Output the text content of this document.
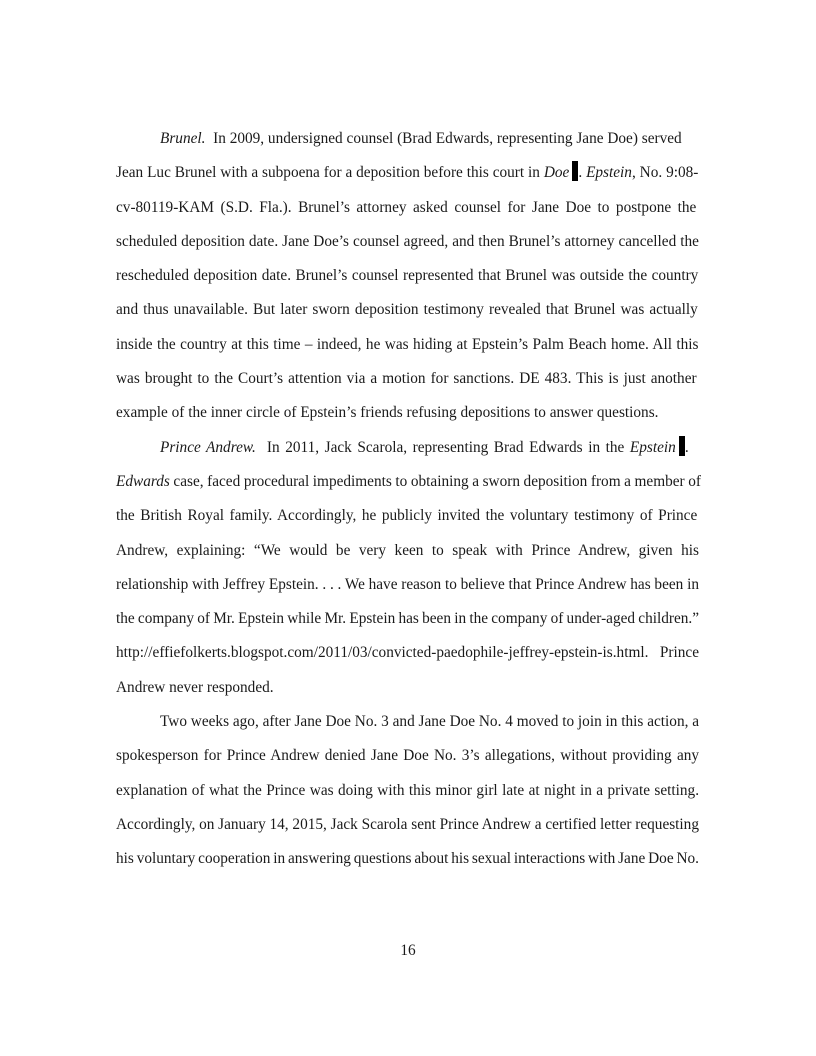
Brunel. In 2009, undersigned counsel (Brad Edwards, representing Jane Doe) served
Jean Luc Brunel with a subpoena for a deposition before this court in Doe . Epstein, No. 9:08-
cv-80119-KAM (S.D. Fla.). Brunel’s attorney asked counsel for Jane Doe to postpone the
scheduled deposition date. Jane Doe’s counsel agreed, and then Brunel’s attorney cancelled the
rescheduled deposition date. Brunel’s counsel represented that Brunel was outside the country
and thus unavailable. But later sworn deposition testimony revealed that Brunel was actually
inside the country at this time – indeed, he was hiding at Epstein’s Palm Beach home. All this
was brought to the Court’s attention via a motion for sanctions. DE 483. This is just another
example of the inner circle of Epstein’s friends refusing depositions to answer questions.
Prince Andrew. In 2011, Jack Scarola, representing Brad Edwards in the Epstein .
Edwards case, faced procedural impediments to obtaining a sworn deposition from a member of
the British Royal family. Accordingly, he publicly invited the voluntary testimony of Prince
Andrew, explaining: “We would be very keen to speak with Prince Andrew, given his
relationship with Jeffrey Epstein. . . . We have reason to believe that Prince Andrew has been in
the company of Mr. Epstein while Mr. Epstein has been in the company of under-aged children.”
http://effiefolkerts.blogspot.com/2011/03/convicted-paedophile-jeffrey-epstein-is.html. Prince
Andrew never responded.
Two weeks ago, after Jane Doe No. 3 and Jane Doe No. 4 moved to join in this action, a
spokesperson for Prince Andrew denied Jane Doe No. 3’s allegations, without providing any
explanation of what the Prince was doing with this minor girl late at night in a private setting.
Accordingly, on January 14, 2015, Jack Scarola sent Prince Andrew a certified letter requesting
his voluntary cooperation in answering questions about his sexual interactions with Jane Doe No.
16
